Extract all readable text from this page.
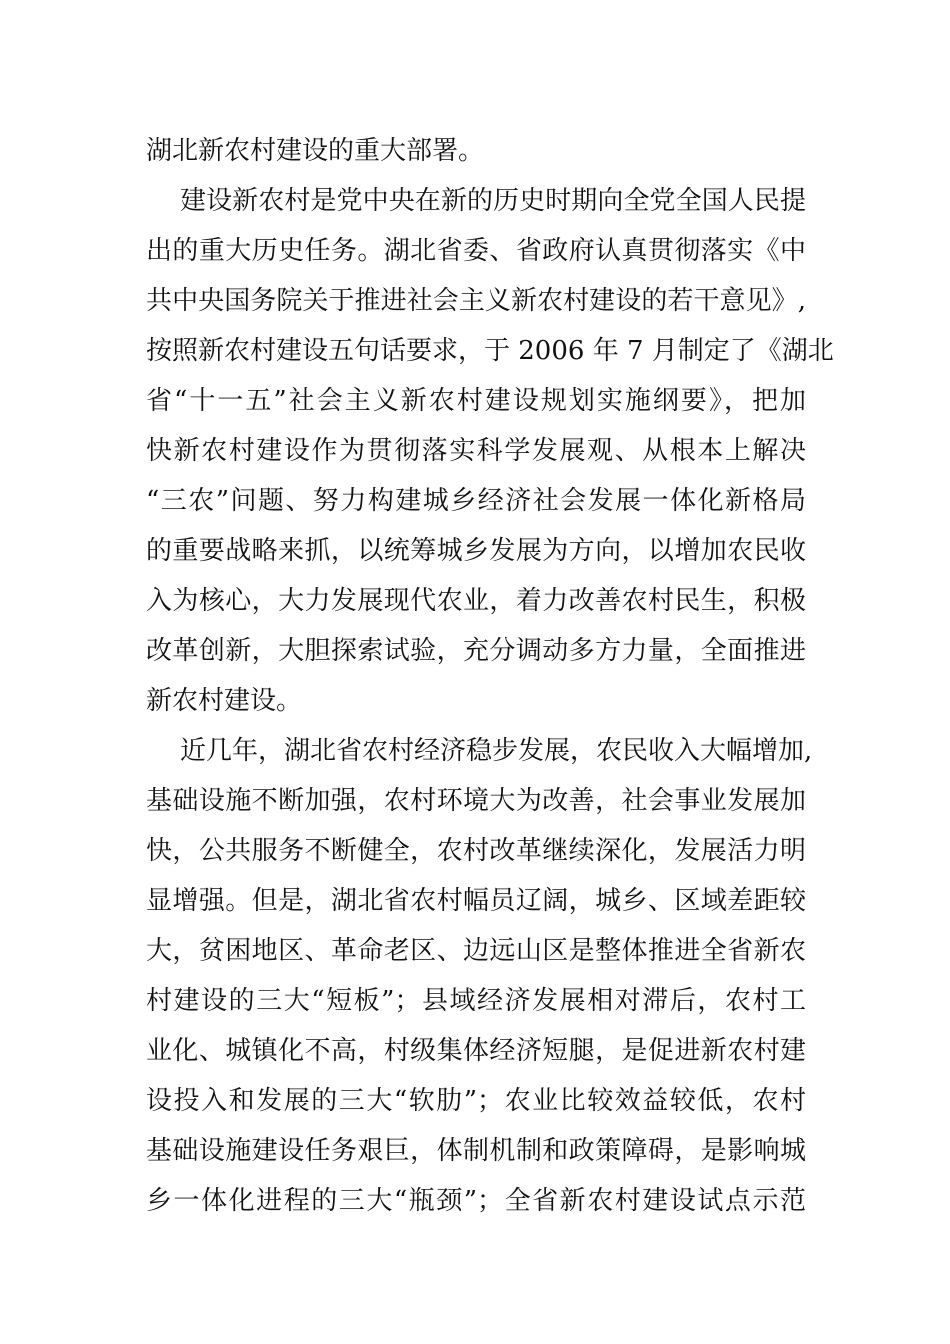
湖北新农村建设的重大部署。
建设新农村是党中央在新的历史时期向全党全国人民提
出的重大历史任务。湖北省委、省政府认真贯彻落实《中
共中央国务院关于推进社会主义新农村建设的若干意见》,
按照新农村建设五句话要求，于 2006 年 7 月制定了《湖北
省“十一五”社会主义新农村建设规划实施纲要》，把加
快新农村建设作为贯彻落实科学发展观、从根本上解决
“三农”问题、努力构建城乡经济社会发展一体化新格局
的重要战略来抓，以统筹城乡发展为方向，以增加农民收
入为核心，大力发展现代农业，着力改善农村民生，积极
改革创新，大胆探索试验，充分调动多方力量，全面推进
新农村建设。
近几年，湖北省农村经济稳步发展，农民收入大幅增加,
基础设施不断加强，农村环境大为改善，社会事业发展加
快，公共服务不断健全，农村改革继续深化，发展活力明
显增强。但是，湖北省农村幅员辽阔，城乡、区域差距较
大，贫困地区、革命老区、边远山区是整体推进全省新农
村建设的三大“短板”；县域经济发展相对滞后，农村工
业化、城镇化不高，村级集体经济短腿，是促进新农村建
设投入和发展的三大“软肋”；农业比较效益较低，农村
基础设施建设任务艰巨，体制机制和政策障碍，是影响城
乡一体化进程的三大“瓶颈”；全省新农村建设试点示范
